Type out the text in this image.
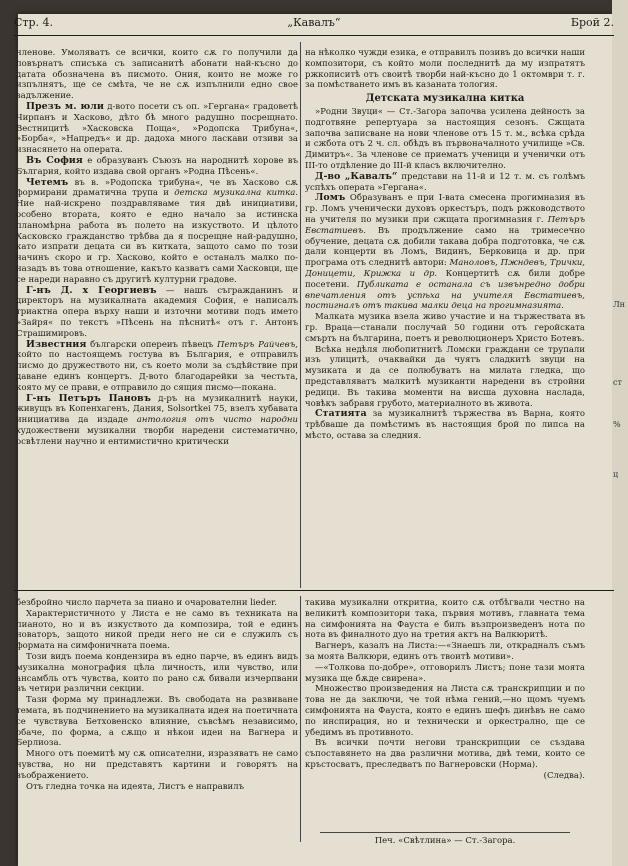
Лн
ст
%
ц
Стр. 4.	„Кавалъ“	Брой 2.

членове. Умоляватъ се всички, които сѫ го получили да повърнатъ списъка съ записанитѣ абонати най-късно до датата обозначена въ писмото. Ония, които не може го изпълнятъ, ще се смѣта, че не сѫ изпълнили едно свое задължение.

Презъ м. юли д-вото посети съ оп. »Гергана« градоветѣ Чирпанъ и Хасково, дѣто бѣ много радушно посрещнато. Вестницитѣ »Хасковска Поща«, »Родопска Трибуна«, »Борба«, »Напредъ« и др. дадоха много ласкави отзиви за изнасянето на операта.

Въ София е образуванъ Съюзъ на народнитѣ хорове въ България, който издава свой органъ »Родна Пѣсень«.

Четемъ въ в. »Родопска трибуна«, че въ Хасково сѫ формирани драматична трупа и детска музикална китка. Ние най-искрено поздравляваме тия двѣ инициативи, особено втората, която е едно начало за истинска планомѣрна работа въ полето на изкуството. И цѣлото Хасковско гражданство трѣбва да я посрещне най-радушно, като изпрати децата си въ китката, защото само по този начинъ скоро и гр. Хасково, който е останалъ малко по-назадъ въ това отношение, какъто казватъ сами Хасковци, ще се нареди наравно съ другитѣ културни градове.

Г-нъ Д. х Георгиевъ — нашъ съгражданинъ и директоръ на музикалната академия София, е написалъ триактна опера върху наши и източни мотиви подъ името »Зайря« по текстъ »Пѣсень на пѣснитѣ« отъ г. Антонъ Страшимировъ.

Известния български опереиъ пѣвецъ Петъръ Райчевъ, който по настоящемъ гостува въ България, е отправилъ писмо до дружеството ни, съ което моли за съдѣйствие при даване единъ концертъ. Д-вото благодарейки за честьта, която му се прави, е отправило до сящия писмо—покана.

Г-нъ Петъръ Пановъ д-ръ на музикалнитѣ науки, живущъ въ Копенхагенъ, Дания, Solsortkei 75, взелъ хубавата инициатива да издаде антология отъ чисто народни художествени музикални творби наредени систематично, освѣтлени научно и ентимистично критически

на нѣколко чужди езика, е отправилъ позивъ до всички наши композитори, съ който моли последнитѣ да му изпратятъ ржкописитѣ отъ своитѣ творби най-късно до 1 октомври т. г. за помѣстването имъ въ казаната тология.

Детската музикална китка

»Родни Звуци« — Ст.-Загора започва усилена дейность за подготвяне репертуара за настоящия сезонъ. Сжщата започва записване на нови членове отъ 15 т. м., всѣка срѣда и сжбота отъ 2 ч. сл. обѣдъ въ първоначалното училище »Св. Димитръ«. За членове се приематъ ученици и ученички отъ III-то отдѣление до III-й класъ включително.

Д-во „Кавалъ“ представи на 11-й и 12 т. м. съ голѣмъ успѣхъ операта »Гергана«.

Ломъ Образуванъ е при I-вата смесена прогимназия въ гр. Ломъ ученически духовъ оркестъръ, подъ ржководството на учителя по музики при сжщата прогимназия г. Петъръ Евстатиевъ. Въ продължение само на тримесечно обучение, децата сѫ добили такава добра подготовка, че сѫ дали концерти въ Ломъ, Видинъ, Берковица и др. при програма отъ следнитѣ автори: Маноловъ, Пжндевъ, Трички, Доницети, Крижка и др. Концертитѣ сѫ били добре посетени. Публиката е останала съ извънредно добри впечатления отъ успѣха на учителя Евстатиевъ, постигналъ отъ такива малки деца на прогимназията.

Малката музика взела живо участие и на тържествата въ гр. Враца—станали послучай 50 години отъ геройската смърть на българина, поетъ и революционеръ Христо Ботевъ.

Всѣка недѣля любопитнитѣ Ломски граждани се трупали изъ улицитѣ, очаквайки да чуятъ сладкитѣ звуци на музиката и да се полюбуватъ на милата гледка, що представляватъ малкитѣ музиканти наредени въ стройни редици. Въ такива моменти на висша духовна наслада, човѣкъ забравя грубото, материалното въ живота.

Статията за музикалнитѣ тържества въ Варна, която трѣбваше да помѣстимъ въ настоящия брой по липса на мѣсто, остава за следния.

безбройно число парчета за пиано и очарователни lieder.

Характеристичното у Листа е не само въ техниката на пианото, но и въ изкуството да композира, той е единъ новаторъ, защото никой преди него не си е служилъ съ формата на симфоничната поема.

Този видъ поема кондензира въ едно парче, въ единъ видъ музикална монография цѣла личность, или чувство, или ансамбль отъ чувства, които по рано сѫ бивали изчерпвани въ четири различни секции.

Тази форма му принадлежи. Въ свободата на развиване темата, въ подчинението на музикалната идея на поетичната се чувствува Бетховенско влияние, съвсѣмъ независимо, обаче, по форма, а сѫщо и нѣкои идеи на Вагнера и Берлиоза.

Много отъ поемитѣ му сѫ описателни, изразяватъ не само чувства, но ни представятъ картини и говорятъ на въображението.

Отъ гледна точка на идеята, Листъ е направилъ

такива музикални откритиа, които сѫ отбѣгвали честно на великитѣ композитори така, първия мотивъ, главната тема на симфонията на Фауста е билъ възпроизведенъ нота по нота въ финалното дуо на третия актъ на Валкюритѣ.

Вагнеръ, казалъ на Листа:—«Знаешъ ли, открадналъ съмъ за моята Валкюри, единъ отъ твоитѣ мотиви».

—«Толкова по-добре», отговорилъ Листъ; поне тази моята музика ще бѫде свирена».

Множество произведения на Листа сѫ транскрипции и по това не да заключи, че той нѣма гений,—но щомъ чуемъ симфонията на Фауста, която е единъ шефъ динѣвъ не само по инспирация, но и технически и оркестрално, ще се убедимъ въ противното.

Въ всички почти негови транскрипции се създава съпоставянето на два различни мотива, двѣ теми, които се кръстосватъ, преследватъ по Вагнеровски (Норма).

(Следва).

Печ. «Свѣтлина» — Ст.-Загора.
